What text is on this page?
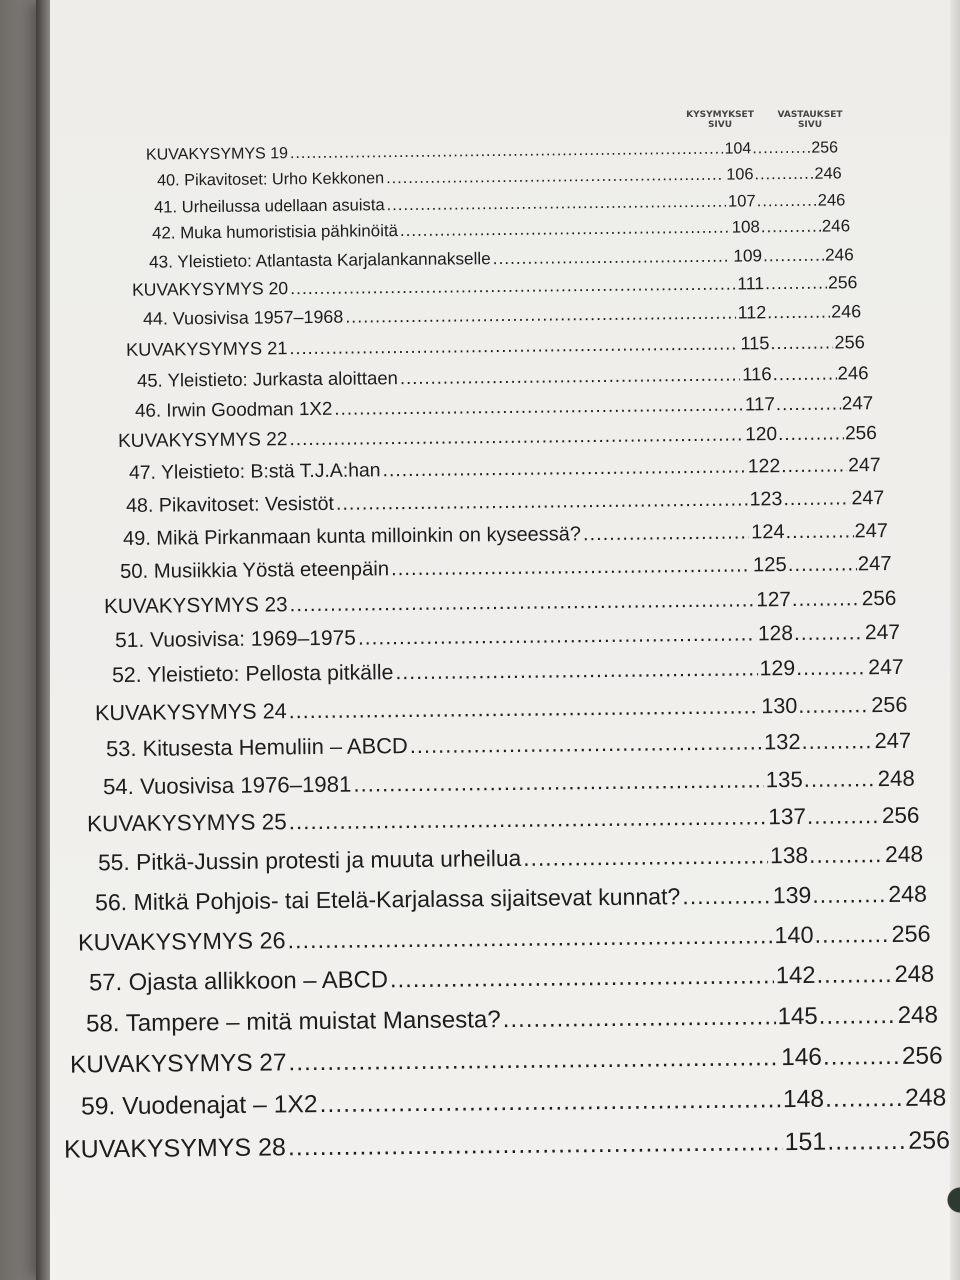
KYSYMYKSET SIVU
VASTAUKSET SIVU
KUVAKYSYMYS 19 .....	104 .....	256
40. Pikavitoset: Urho Kekkonen .....	106 .....	246
41. Urheilussa udellaan asuista .....	107 .....	246
42. Muka humoristisia pähkinöitä .....	108 .....	246
43. Yleistieto: Atlantasta Karjalankannakselle .....	109 .....	246
KUVAKYSYMYS 20 .....	111 .....	256
44. Vuosivisa 1957–1968 .....	112 .....	246
KUVAKYSYMYS 21 .....	115 .....	256
45. Yleistieto: Jurkasta aloittaen .....	116 .....	246
46. Irwin Goodman 1X2 .....	117 .....	247
KUVAKYSYMYS 22 .....	120 .....	256
47. Yleistieto: B:stä T.J.A:han .....	122 .....	247
48. Pikavitoset: Vesistöt .....	123 .....	247
49. Mikä Pirkanmaan kunta milloinkin on kyseessä? .....	124 .....	247
50. Musiikkia Yöstä eteenpäin .....	125 .....	247
KUVAKYSYMYS 23 .....	127 .....	256
51. Vuosivisa: 1969–1975 .....	128 .....	247
52. Yleistieto: Pellosta pitkälle .....	129 .....	247
KUVAKYSYMYS 24 .....	130 .....	256
53. Kitusesta Hemuliin – ABCD .....	132 .....	247
54. Vuosivisa 1976–1981 .....	135 .....	248
KUVAKYSYMYS 25 .....	137 .....	256
55. Pitkä-Jussin protesti ja muuta urheilua .....	138 .....	248
56. Mitkä Pohjois- tai Etelä-Karjalassa sijaitsevat kunnat? .....	139 .....	248
KUVAKYSYMYS 26 .....	140 .....	256
57. Ojasta allikkoon – ABCD .....	142 .....	248
58. Tampere – mitä muistat Mansesta? .....	145 .....	248
KUVAKYSYMYS 27 .....	146 .....	256
59. Vuodenajat – 1X2 .....	148 .....	248
KUVAKYSYMYS 28 .....	151 .....	256
